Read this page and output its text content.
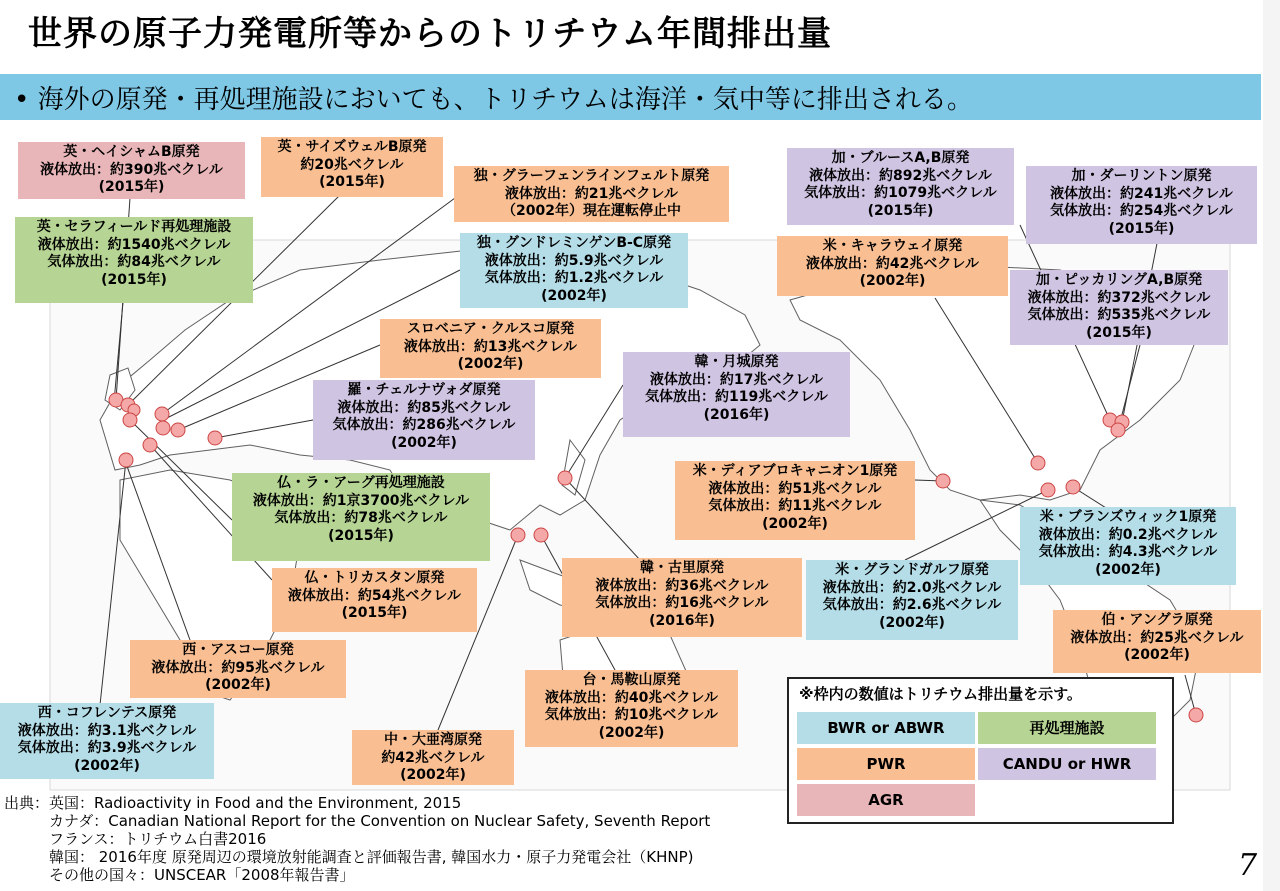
世界の原子力発電所等からのトリチウム年間排出量
• 海外の原発・再処理施設においても、トリチウムは海洋・気中等に排出される。
英・ヘイシャムB原発
液体放出：約390兆ベクレル
(2015年)
英・サイズウェルB原発
約20兆ベクレル
(2015年)	独・グラーフェンラインフェルト原発
液体放出：約21兆ベクレル
（2002年）現在運転停止中
英・セラフィールド再処理施設
液体放出：約1540兆ベクレル
気体放出：約84兆ベクレル
(2015年)
独・グンドレミンゲンB-C原発
液体放出：約5.9兆ベクレル
気体放出：約1.2兆ベクレル
(2002年)
スロベニア・クルスコ原発
液体放出：約13兆ベクレル
(2002年)
羅・チェルナヴォダ原発
液体放出：約85兆ベクレル
気体放出：約286兆ベクレル
(2002年)
韓・月城原発
液体放出：約17兆ベクレル
気体放出：約119兆ベクレル
(2016年)
仏・ラ・アーグ再処理施設
液体放出：約1京3700兆ベクレル
気体放出：約78兆ベクレル
(2015年)
仏・トリカスタン原発
液体放出：約54兆ベクレル
(2015年)
西・アスコー原発
液体放出：約95兆ベクレル
(2002年)
西・コフレンテス原発
液体放出：約3.1兆ベクレル
気体放出：約3.9兆ベクレル
(2002年)
中・大亜湾原発
約42兆ベクレル
(2002年)
台・馬鞍山原発
液体放出：約40兆ベクレル
気体放出：約10兆ベクレル
(2002年)
韓・古里原発
液体放出：約36兆ベクレル
気体放出：約16兆ベクレル
(2016年)
米・ディアブロキャニオン1原発
液体放出：約51兆ベクレル
気体放出：約11兆ベクレル
(2002年)
米・グランドガルフ原発
液体放出：約2.0兆ベクレル
気体放出：約2.6兆ベクレル
(2002年)
加・ブルースA,B原発
液体放出：約892兆ベクレル
気体放出：約1079兆ベクレル
(2015年)
米・キャラウェイ原発
液体放出：約42兆ベクレル
(2002年)
加・ダーリントン原発
液体放出：約241兆ベクレル
気体放出：約254兆ベクレル
(2015年)
加・ピッカリングA,B原発
液体放出：約372兆ベクレル
気体放出：約535兆ベクレル
(2015年)
米・ブランズウィック1原発
液体放出：約0.2兆ベクレル
気体放出：約4.3兆ベクレル
(2002年)
伯・アングラ原発
液体放出：約25兆ベクレル
(2002年)
※枠内の数値はトリチウム排出量を示す。
BWR or ABWR	再処理施設
PWR	CANDU or HWR
AGR
出典：英国：Radioactivity in Food and the Environment, 2015
　　　カナダ：Canadian National Report for the Convention on Nuclear Safety, Seventh Report
　　　フランス：トリチウム白書2016
　　　韓国： 2016年度 原発周辺の環境放射能調査と評価報告書, 韓国水力・原子力発電会社（KHNP)
　　　その他の国々：UNSCEAR「2008年報告書」	7
